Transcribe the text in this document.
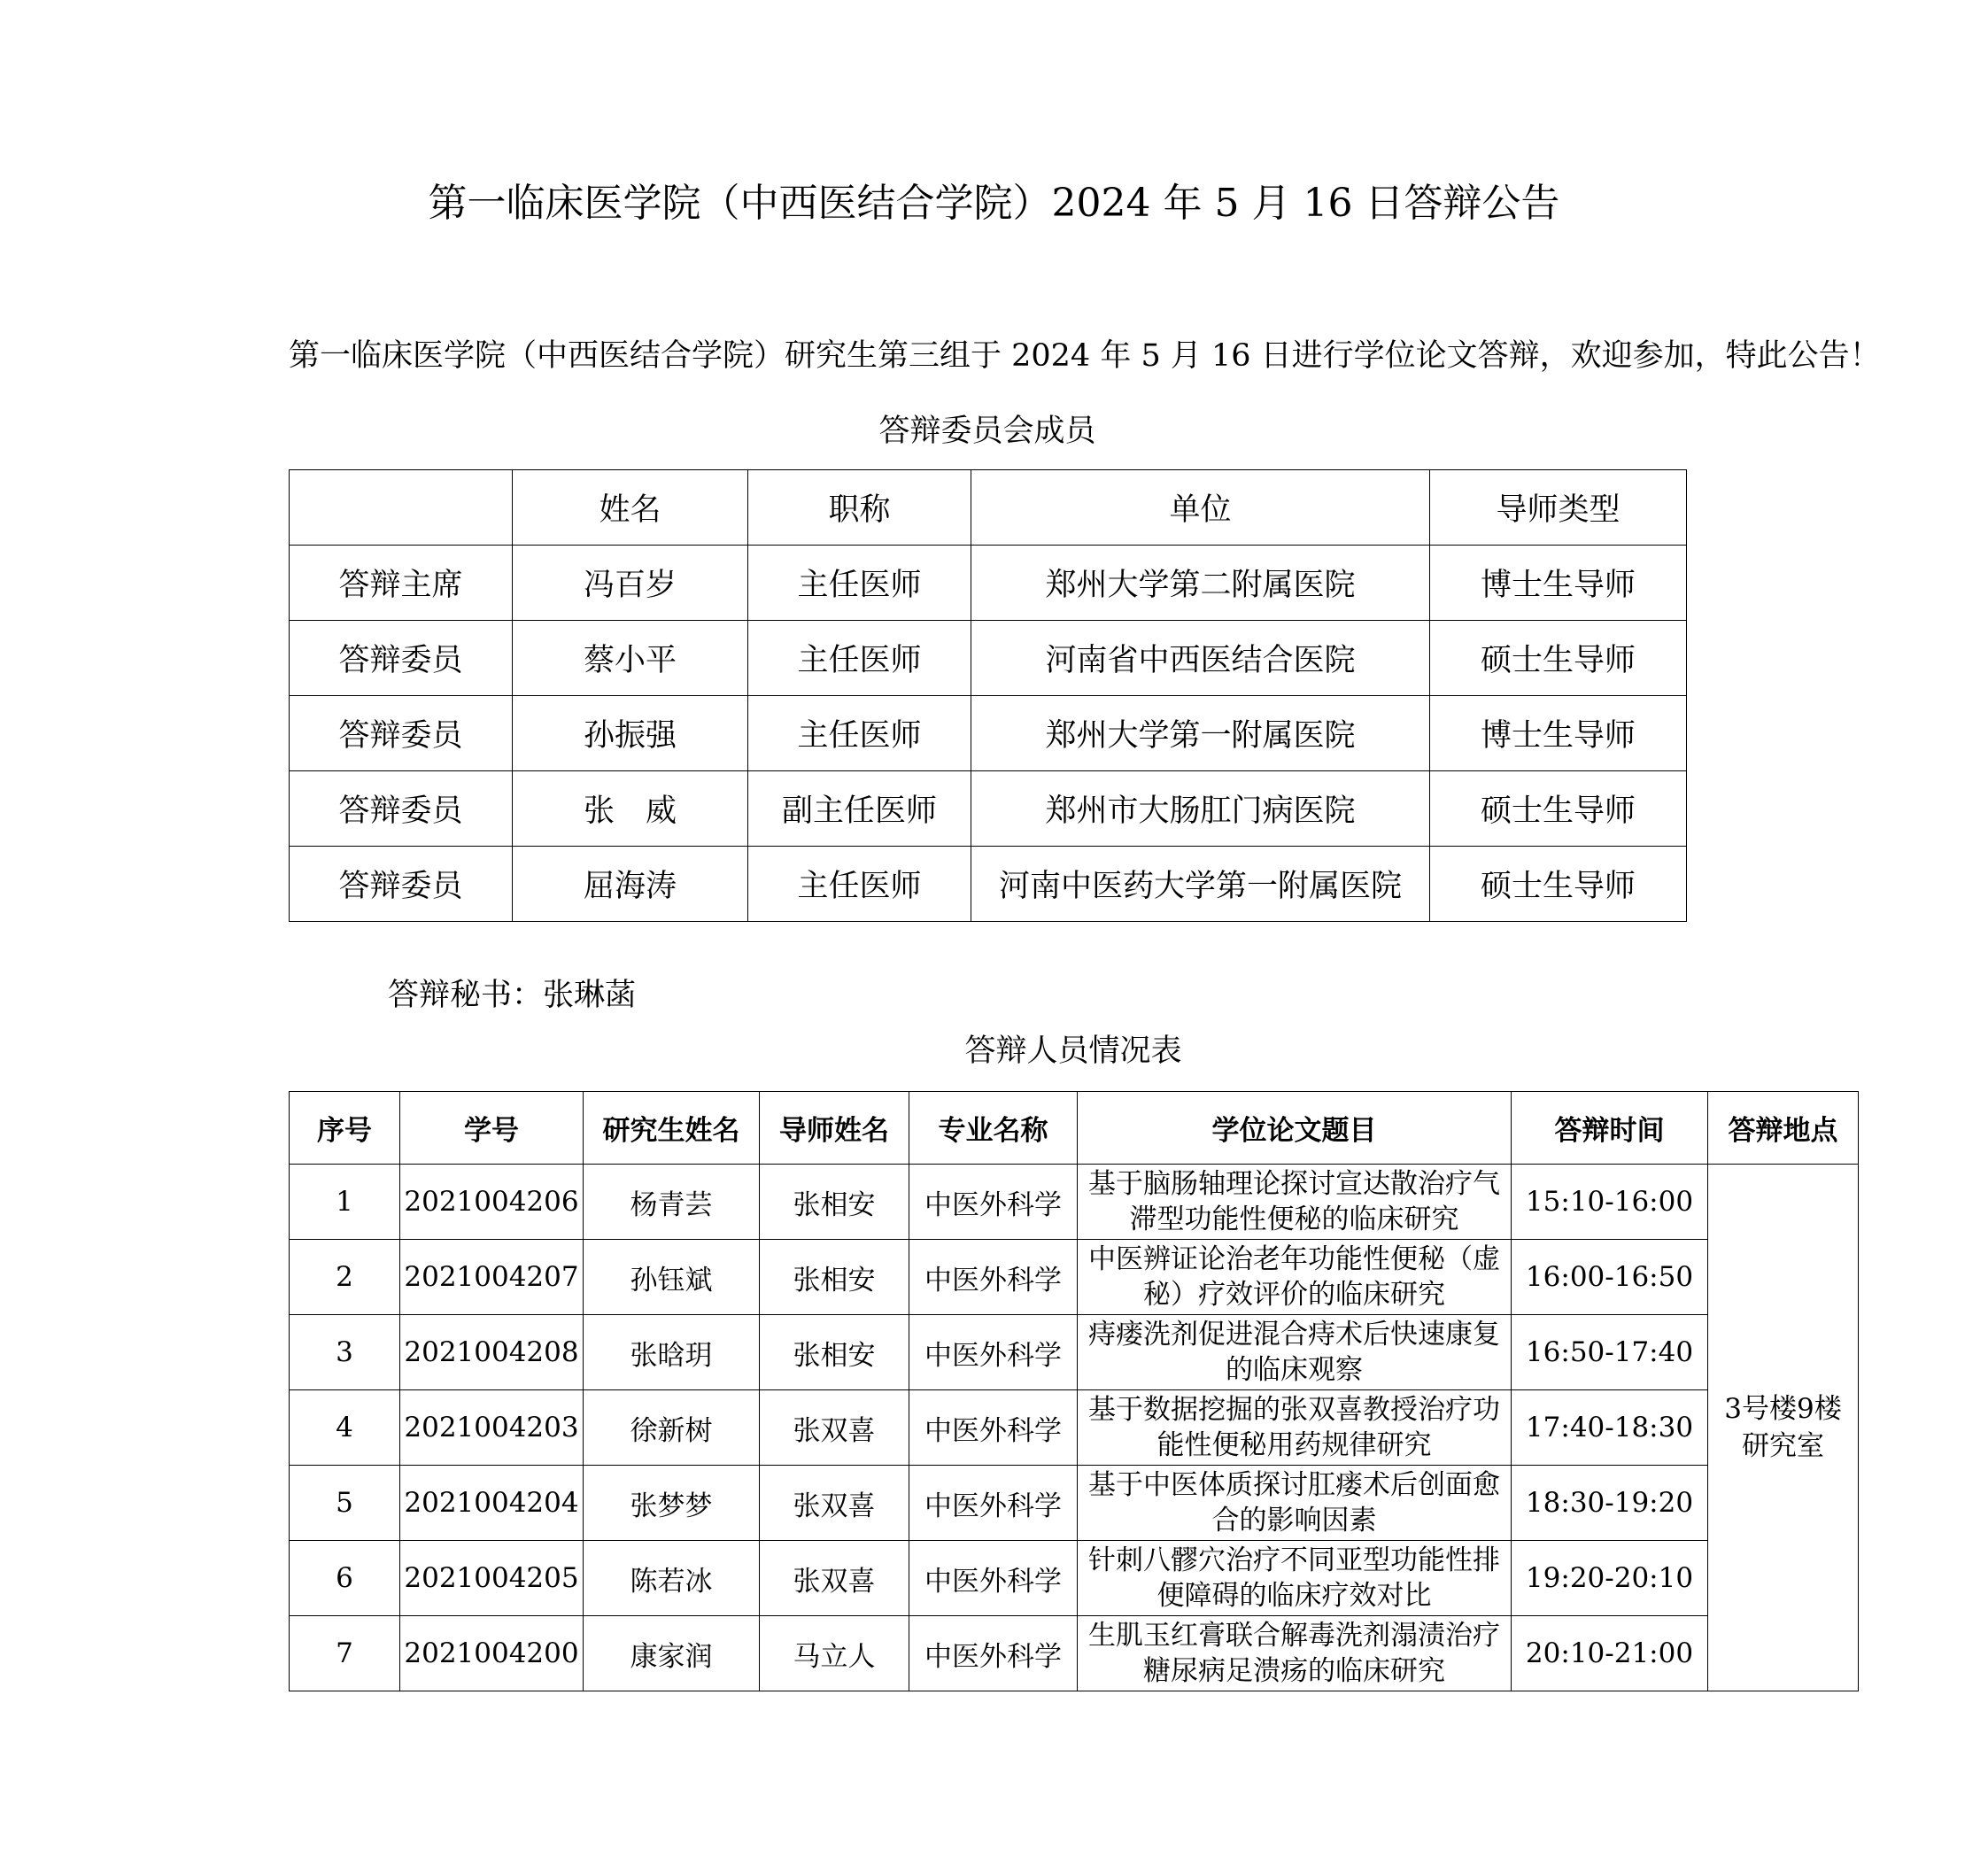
第一临床医学院（中西医结合学院）2024 年 5 月 16 日答辩公告
第一临床医学院（中西医结合学院）研究生第三组于 2024 年 5 月 16 日进行学位论文答辩，欢迎参加，特此公告！
答辩委员会成员
	姓名	职称	单位	导师类型
答辩主席	冯百岁	主任医师	郑州大学第二附属医院	博士生导师
答辩委员	蔡小平	主任医师	河南省中西医结合医院	硕士生导师
答辩委员	孙振强	主任医师	郑州大学第一附属医院	博士生导师
答辩委员	张　威	副主任医师	郑州市大肠肛门病医院	硕士生导师
答辩委员	屈海涛	主任医师	河南中医药大学第一附属医院	硕士生导师
答辩秘书：张琳菡
答辩人员情况表
序号	学号	研究生姓名	导师姓名	专业名称	学位论文题目	答辩时间	答辩地点
1	2021004206	杨青芸	张相安	中医外科学	基于脑肠轴理论探讨宣达散治疗气滞型功能性便秘的临床研究	15:10-16:00	3号楼9楼研究室
2	2021004207	孙钰斌	张相安	中医外科学	中医辨证论治老年功能性便秘（虚秘）疗效评价的临床研究	16:00-16:50	
3	2021004208	张晗玥	张相安	中医外科学	痔瘘洗剂促进混合痔术后快速康复的临床观察	16:50-17:40	
4	2021004203	徐新树	张双喜	中医外科学	基于数据挖掘的张双喜教授治疗功能性便秘用药规律研究	17:40-18:30	
5	2021004204	张梦梦	张双喜	中医外科学	基于中医体质探讨肛瘘术后创面愈合的影响因素	18:30-19:20	
6	2021004205	陈若冰	张双喜	中医外科学	针刺八髎穴治疗不同亚型功能性排便障碍的临床疗效对比	19:20-20:10	
7	2021004200	康家润	马立人	中医外科学	生肌玉红膏联合解毒洗剂溻渍治疗糖尿病足溃疡的临床研究	20:10-21:00	
